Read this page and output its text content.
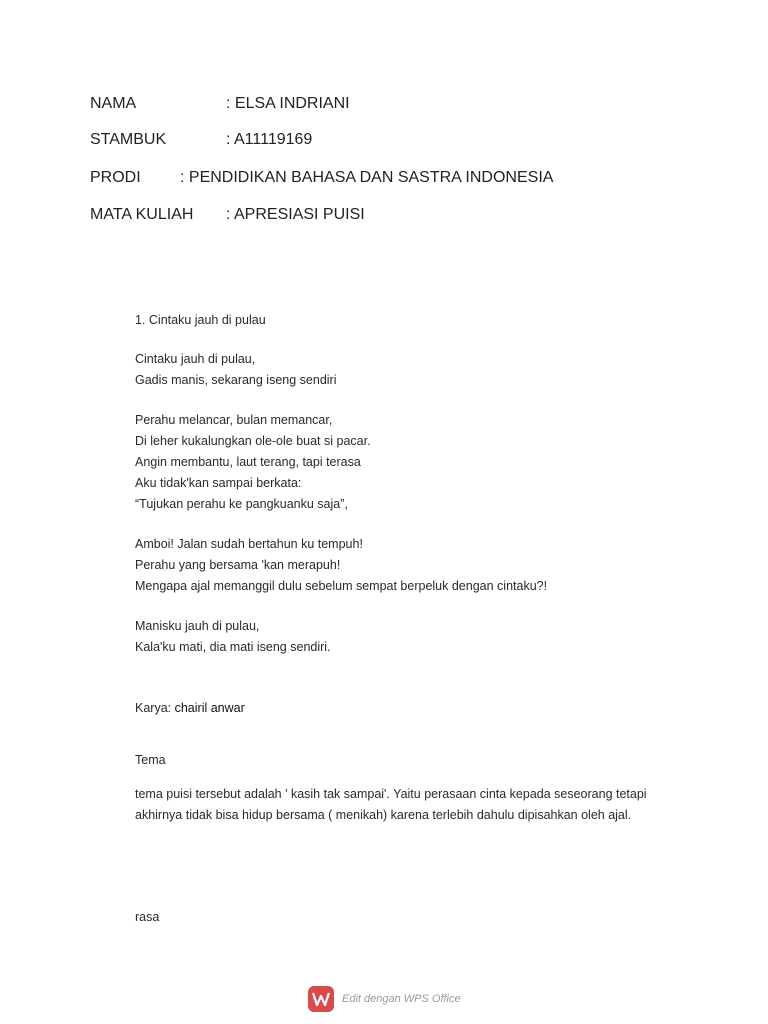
NAMA	: ELSA INDRIANI
STAMBUK	: A11119169
PRODI : PENDIDIKAN BAHASA DAN SASTRA INDONESIA
MATA KULIAH : APRESIASI PUISI
1. Cintaku jauh di pulau
Cintaku jauh di pulau,
Gadis manis, sekarang iseng sendiri
Perahu melancar, bulan memancar,
Di leher kukalungkan ole-ole buat si pacar.
Angin membantu, laut terang, tapi terasa
Aku tidak'kan sampai berkata:
“Tujukan perahu ke pangkuanku saja”,
Amboi! Jalan sudah bertahun ku tempuh!
Perahu yang bersama 'kan merapuh!
Mengapa ajal memanggil dulu sebelum sempat berpeluk dengan cintaku?!
Manisku jauh di pulau,
Kala'ku mati, dia mati iseng sendiri.
Karya: chairil anwar
Tema
tema puisi tersebut adalah ' kasih tak sampai'. Yaitu perasaan cinta kepada seseorang tetapi akhirnya tidak bisa hidup bersama ( menikah) karena terlebih dahulu dipisahkan oleh ajal.
rasa
Edit dengan WPS Office
